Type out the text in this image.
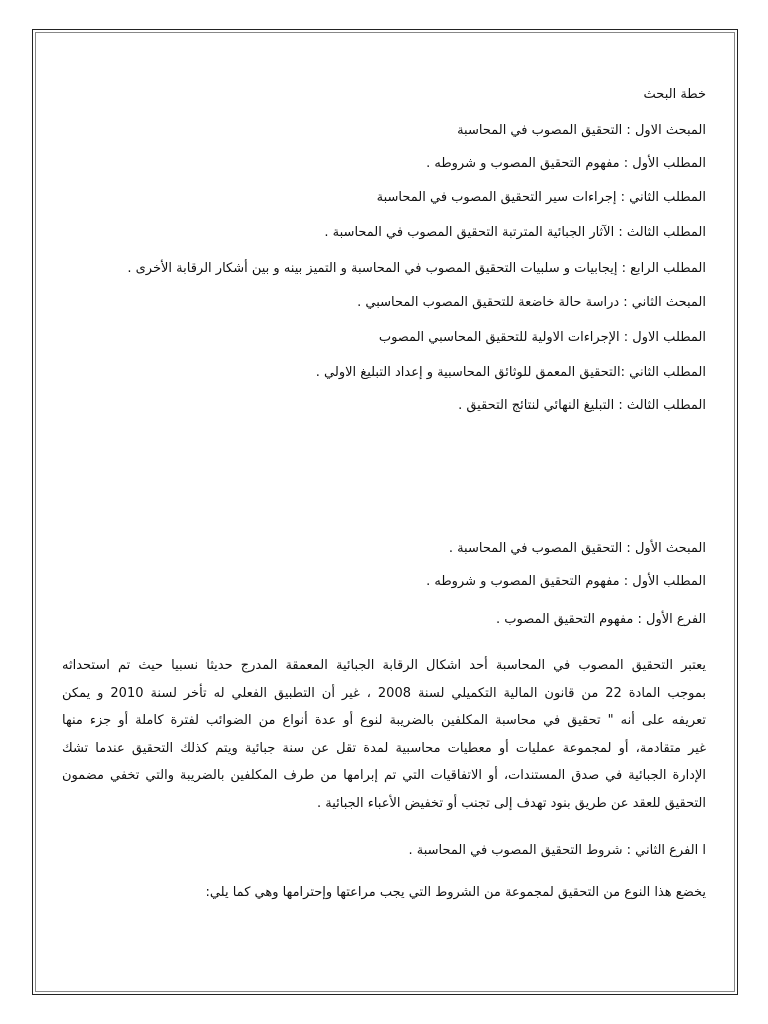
خطة البحث
المبحث الاول : التحقيق المصوب في المحاسبة
المطلب الأول : مفهوم التحقيق المصوب و شروطه .
المطلب الثاني : إجراءات سير التحقيق المصوب في المحاسبة
المطلب الثالث : الآثار الجبائية المترتبة التحقيق المصوب في المحاسبة .
المطلب الرابع : إيجابيات و سلبيات التحقيق المصوب في المحاسبة و التميز بينه و بين أشكار الرقابة الأخرى .
المبحث الثاني : دراسة حالة خاضعة للتحقيق المصوب المحاسبي .
المطلب الاول : الإجراءات الاولية للتحقيق المحاسبي المصوب
المطلب الثاني :التحقيق المعمق للوثائق المحاسبية و إعداد التبليغ الاولي .
المطلب الثالث : التبليغ النهائي لنتائج التحقيق .
المبحث الأول : التحقيق المصوب في المحاسبة .
المطلب الأول : مفهوم التحقيق المصوب و شروطه .
الفرع الأول : مفهوم التحقيق المصوب .
يعتبر التحقيق المصوب في المحاسبة أحد اشكال الرقابة الجبائية المعمقة المدرج حديثا نسبيا حيث تم استحداثه
بموجب المادة 22 من قانون المالية التكميلي لسنة 2008 ، غير أن التطبيق الفعلي له تأخر لسنة 2010 و يمكن
تعريفه على أنه " تحقيق في محاسبة المكلفين بالضريبة لنوع أو عدة أنواع من الضوائب لفترة كاملة أو جزء منها
غير متقادمة، أو لمجموعة عمليات أو معطيات محاسبية لمدة تقل عن سنة جبائية ويتم كذلك التحقيق عندما تشك
الإدارة الجبائية في صدق المستندات، أو الاتفاقيات التي تم إبرامها من طرف المكلفين بالضريبة والتي تخفي مضمون
التحقيق للعقد عن طريق بنود تهدف إلى تجنب أو تخفيض الأعباء الجبائية .
ا الفرع الثاني : شروط التحقيق المصوب في المحاسبة .
يخضع هذا النوع من التحقيق لمجموعة من الشروط التي يجب مراعتها وإحترامها وهي كما يلي:
